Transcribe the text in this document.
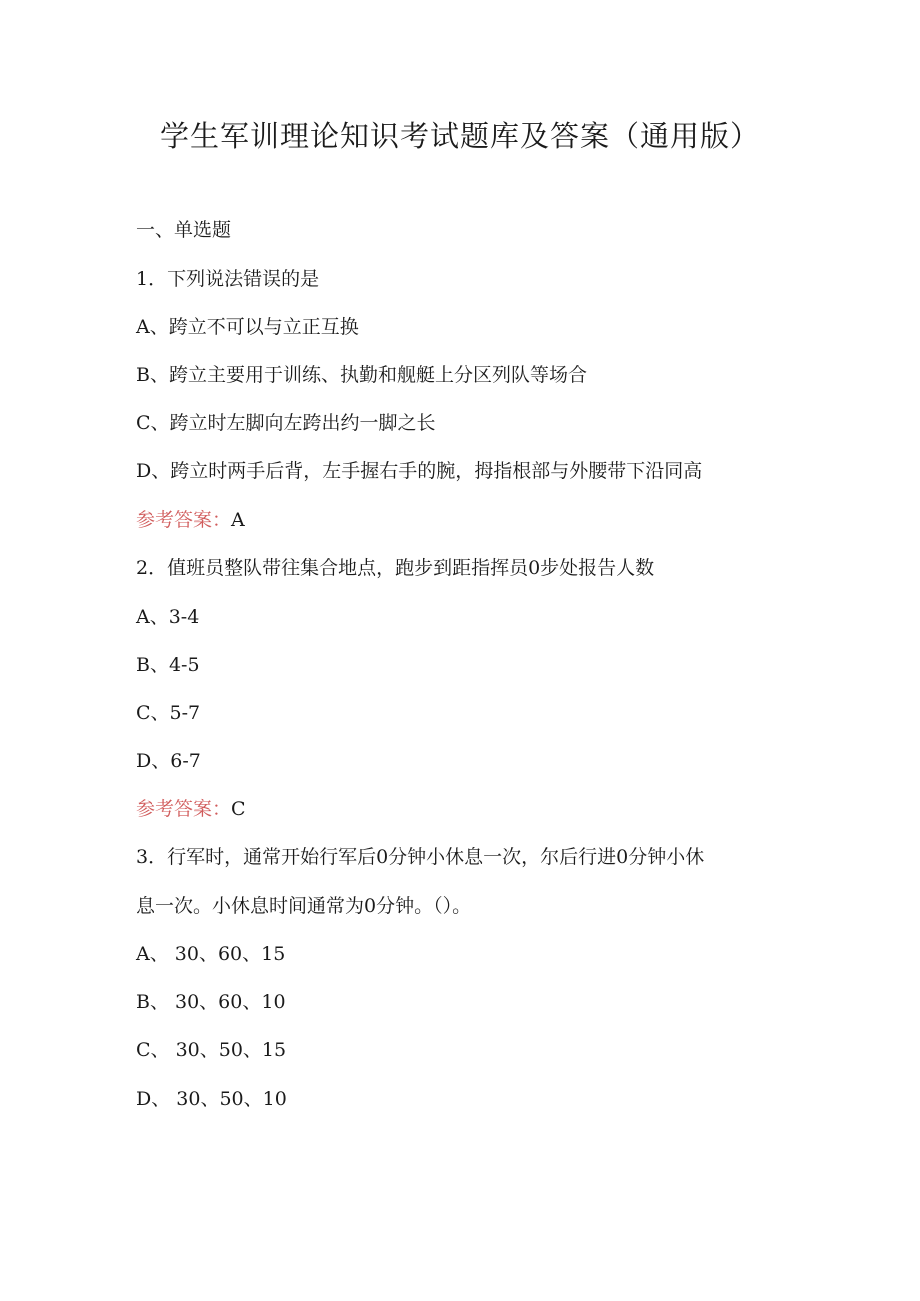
学生军训理论知识考试题库及答案（通用版）
一、单选题
1．下列说法错误的是
A、跨立不可以与立正互换
B、跨立主要用于训练、执勤和舰艇上分区列队等场合
C、跨立时左脚向左跨出约一脚之长
D、跨立时两手后背，左手握右手的腕，拇指根部与外腰带下沿同高
参考答案：A
2．值班员整队带往集合地点，跑步到距指挥员0步处报告人数
A、3-4
B、4-5
C、5-7
D、6-7
参考答案：C
3．行军时，通常开始行军后0分钟小休息一次，尔后行进0分钟小休
息一次。小休息时间通常为0分钟。（）。
A、 30、60、15
B、 30、60、10
C、 30、50、15
D、 30、50、10
